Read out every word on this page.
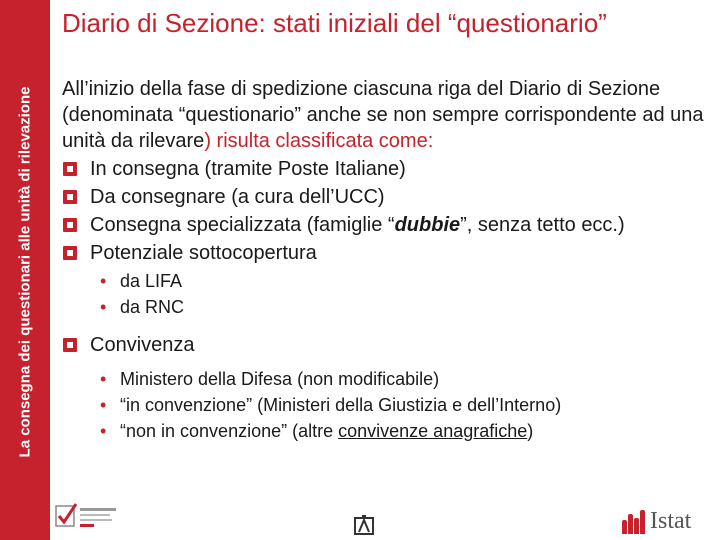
La consegna dei questionari alle unità di rilevazione
Diario di Sezione: stati iniziali del “questionario”

All’inizio della fase di spedizione ciascuna riga del Diario di Sezione (denominata “questionario” anche se non sempre corrispondente ad una unità da rilevare) risulta classificata come:

In consegna (tramite Poste Italiane)
Da consegnare (a cura dell’UCC)
Consegna specializzata (famiglie “dubbie”, senza tetto ecc.)
Potenziale sottocopertura
• da LIFA
• da RNC
Convivenza
• Ministero della Difesa (non modificabile)
• “in convenzione” (Ministeri della Giustizia e dell’Interno)
• “non in convenzione” (altre convivenze anagrafiche)
Istat
